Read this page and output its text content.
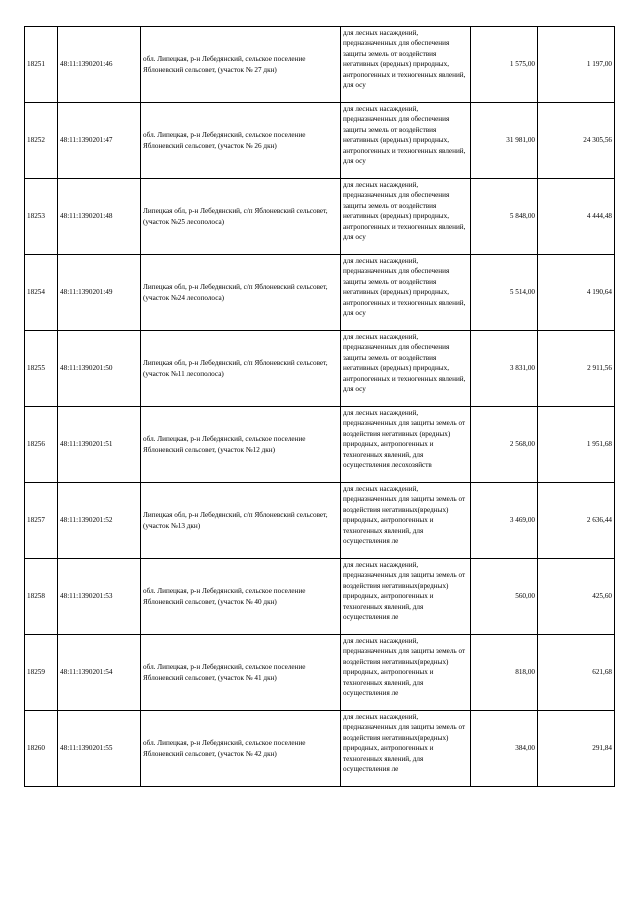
18251	48:11:1390201:46	обл. Липецкая, р-н Лебедянский, сельское поселение Яблоневский сельсовет, (участок № 27 дкн)	для лесных насаждений, предназначенных для обеспечения защиты земель от воздействия негативных (вредных) природных, антропогенных и техногенных явлений, для осу	1 575,00	1 197,00
18252	48:11:1390201:47	обл. Липецкая, р-н Лебедянский, сельское поселение Яблоневский сельсовет, (участок № 26 дкн)	для лесных насаждений, предназначенных для обеспечения защиты земель от воздействия негативных (вредных) природных, антропогенных и техногенных явлений, для осу	31 981,00	24 305,56
18253	48:11:1390201:48	Липецкая обл, р-н Лебедянский, с/п Яблоневский сельсовет, (участок №25 лесополоса)	для лесных насаждений, предназначенных для обеспечения защиты земель от воздействия негативных (вредных) природных, антропогенных и техногенных явлений, для осу	5 848,00	4 444,48
18254	48:11:1390201:49	Липецкая обл, р-н Лебедянский, с/п Яблоневский сельсовет, (участок №24 лесополоса)	для лесных насаждений, предназначенных для обеспечения защиты земель от воздействия негативных (вредных) природных, антропогенных и техногенных явлений, для осу	5 514,00	4 190,64
18255	48:11:1390201:50	Липецкая обл, р-н Лебедянский, с/п Яблоневский сельсовет, (участок №11 лесополоса)	для лесных насаждений, предназначенных для обеспечения защиты земель от воздействия негативных (вредных) природных, антропогенных и техногенных явлений, для осу	3 831,00	2 911,56
18256	48:11:1390201:51	обл. Липецкая, р-н Лебедянский, сельское поселение Яблоневский сельсовет, (участок №12 дкн)	для лесных насаждений, предназначенных для защиты земель от воздействия негативных (вредных) природных, антропогенных и техногенных явлений, для осуществления лесохозяйств	2 568,00	1 951,68
18257	48:11:1390201:52	Липецкая обл, р-н Лебедянский, с/п Яблоневский сельсовет, (участок №13 дкн)	для лесных насаждений, предназначенных для защиты земель от воздействия негативных(вредных) природных, антропогенных и техногенных явлений, для осуществления ле	3 469,00	2 636,44
18258	48:11:1390201:53	обл. Липецкая, р-н Лебедянский, сельское поселение Яблоневский сельсовет, (участок № 40 дкн)	для лесных насаждений, предназначенных для защиты земель от воздействия негативных(вредных) природных, антропогенных и техногенных явлений, для осуществления ле	560,00	425,60
18259	48:11:1390201:54	обл. Липецкая, р-н Лебедянский, сельское поселение Яблоневский сельсовет, (участок № 41 дкн)	для лесных насаждений, предназначенных для защиты земель от воздействия негативных(вредных) природных, антропогенных и техногенных явлений, для осуществления ле	818,00	621,68
18260	48:11:1390201:55	обл. Липецкая, р-н Лебедянский, сельское поселение Яблоневский сельсовет, (участок № 42 дкн)	для лесных насаждений, предназначенных для защиты земель от воздействия негативных(вредных) природных, антропогенных и техногенных явлений, для осуществления ле	384,00	291,84
